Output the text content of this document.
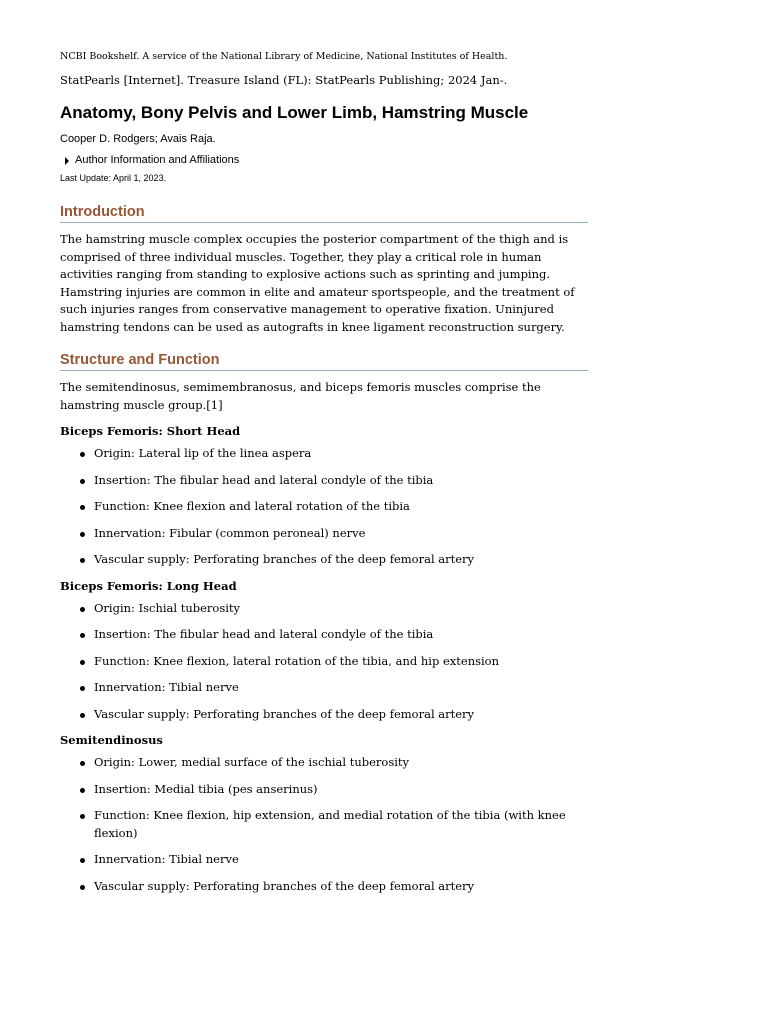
NCBI Bookshelf. A service of the National Library of Medicine, National Institutes of Health.
StatPearls [Internet]. Treasure Island (FL): StatPearls Publishing; 2024 Jan-.
Anatomy, Bony Pelvis and Lower Limb, Hamstring Muscle
Cooper D. Rodgers; Avais Raja.
Author Information and Affiliations
Last Update: April 1, 2023.
Introduction

The hamstring muscle complex occupies the posterior compartment of the thigh and is comprised of three individual muscles. Together, they play a critical role in human activities ranging from standing to explosive actions such as sprinting and jumping. Hamstring injuries are common in elite and amateur sportspeople, and the treatment of such injuries ranges from conservative management to operative fixation. Uninjured hamstring tendons can be used as autografts in knee ligament reconstruction surgery.

Structure and Function

The semitendinosus, semimembranosus, and biceps femoris muscles comprise the hamstring muscle group.[1]

Biceps Femoris: Short Head
Origin: Lateral lip of the linea aspera
Insertion: The fibular head and lateral condyle of the tibia
Function: Knee flexion and lateral rotation of the tibia
Innervation: Fibular (common peroneal) nerve
Vascular supply: Perforating branches of the deep femoral artery
Biceps Femoris: Long Head
Origin: Ischial tuberosity
Insertion: The fibular head and lateral condyle of the tibia
Function: Knee flexion, lateral rotation of the tibia, and hip extension
Innervation: Tibial nerve
Vascular supply: Perforating branches of the deep femoral artery
Semitendinosus
Origin: Lower, medial surface of the ischial tuberosity
Insertion: Medial tibia (pes anserinus)
Function: Knee flexion, hip extension, and medial rotation of the tibia (with knee flexion)
Innervation: Tibial nerve
Vascular supply: Perforating branches of the deep femoral artery
